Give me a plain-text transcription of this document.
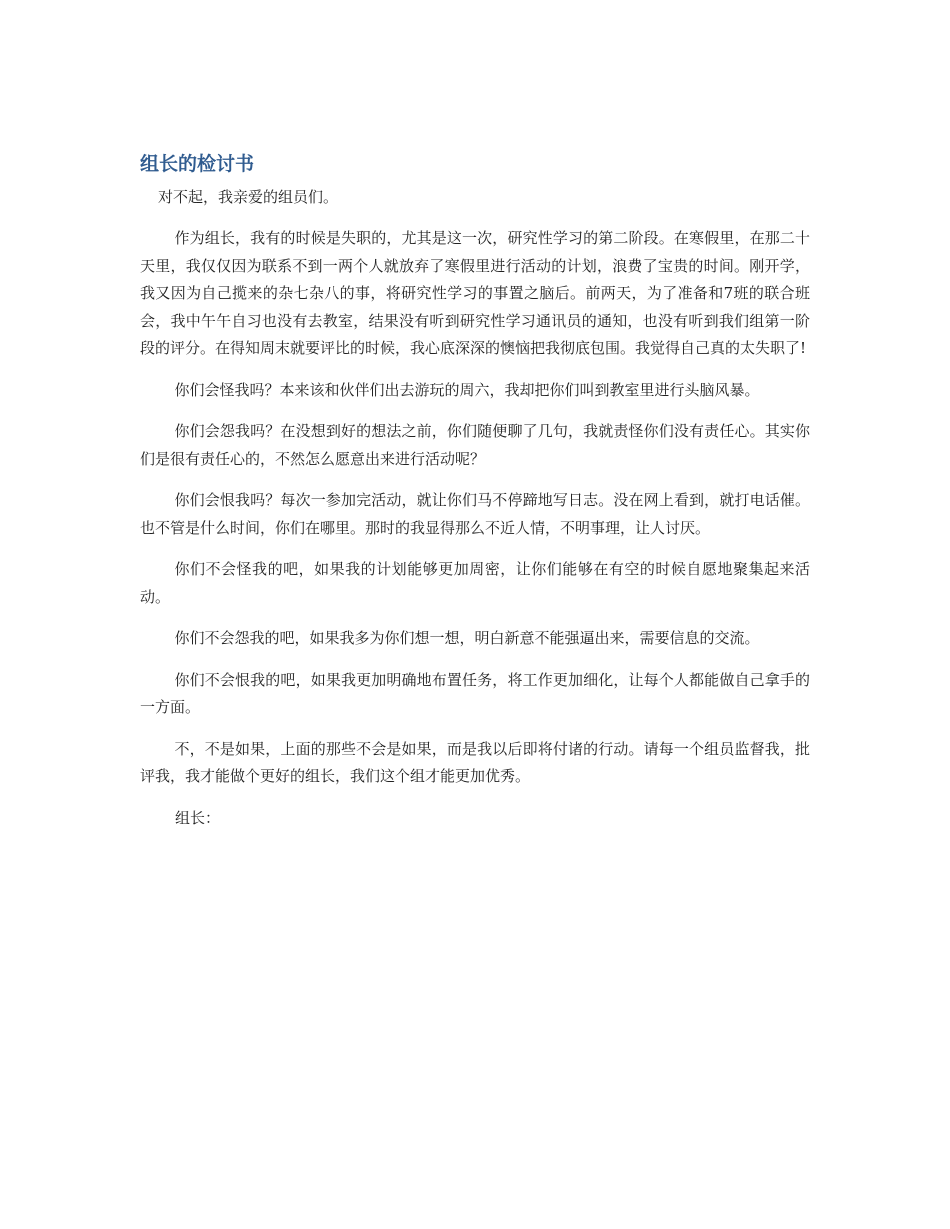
组长的检讨书

对不起，我亲爱的组员们。

作为组长，我有的时候是失职的，尤其是这一次，研究性学习的第二阶段。在寒假里，在那二十天里，我仅仅因为联系不到一两个人就放弃了寒假里进行活动的计划，浪费了宝贵的时间。刚开学，我又因为自己揽来的杂七杂八的事，将研究性学习的事置之脑后。前两天，为了准备和7班的联合班会，我中午午自习也没有去教室，结果没有听到研究性学习通讯员的通知，也没有听到我们组第一阶段的评分。在得知周末就要评比的时候，我心底深深的懊恼把我彻底包围。我觉得自己真的太失职了!

你们会怪我吗？本来该和伙伴们出去游玩的周六，我却把你们叫到教室里进行头脑风暴。

你们会怨我吗？在没想到好的想法之前，你们随便聊了几句，我就责怪你们没有责任心。其实你们是很有责任心的，不然怎么愿意出来进行活动呢？

你们会恨我吗？每次一参加完活动，就让你们马不停蹄地写日志。没在网上看到，就打电话催。也不管是什么时间，你们在哪里。那时的我显得那么不近人情，不明事理，让人讨厌。

你们不会怪我的吧，如果我的计划能够更加周密，让你们能够在有空的时候自愿地聚集起来活动。

你们不会怨我的吧，如果我多为你们想一想，明白新意不能强逼出来，需要信息的交流。

你们不会恨我的吧，如果我更加明确地布置任务，将工作更加细化，让每个人都能做自己拿手的一方面。

不，不是如果，上面的那些不会是如果，而是我以后即将付诸的行动。请每一个组员监督我，批评我，我才能做个更好的组长，我们这个组才能更加优秀。

组长：
